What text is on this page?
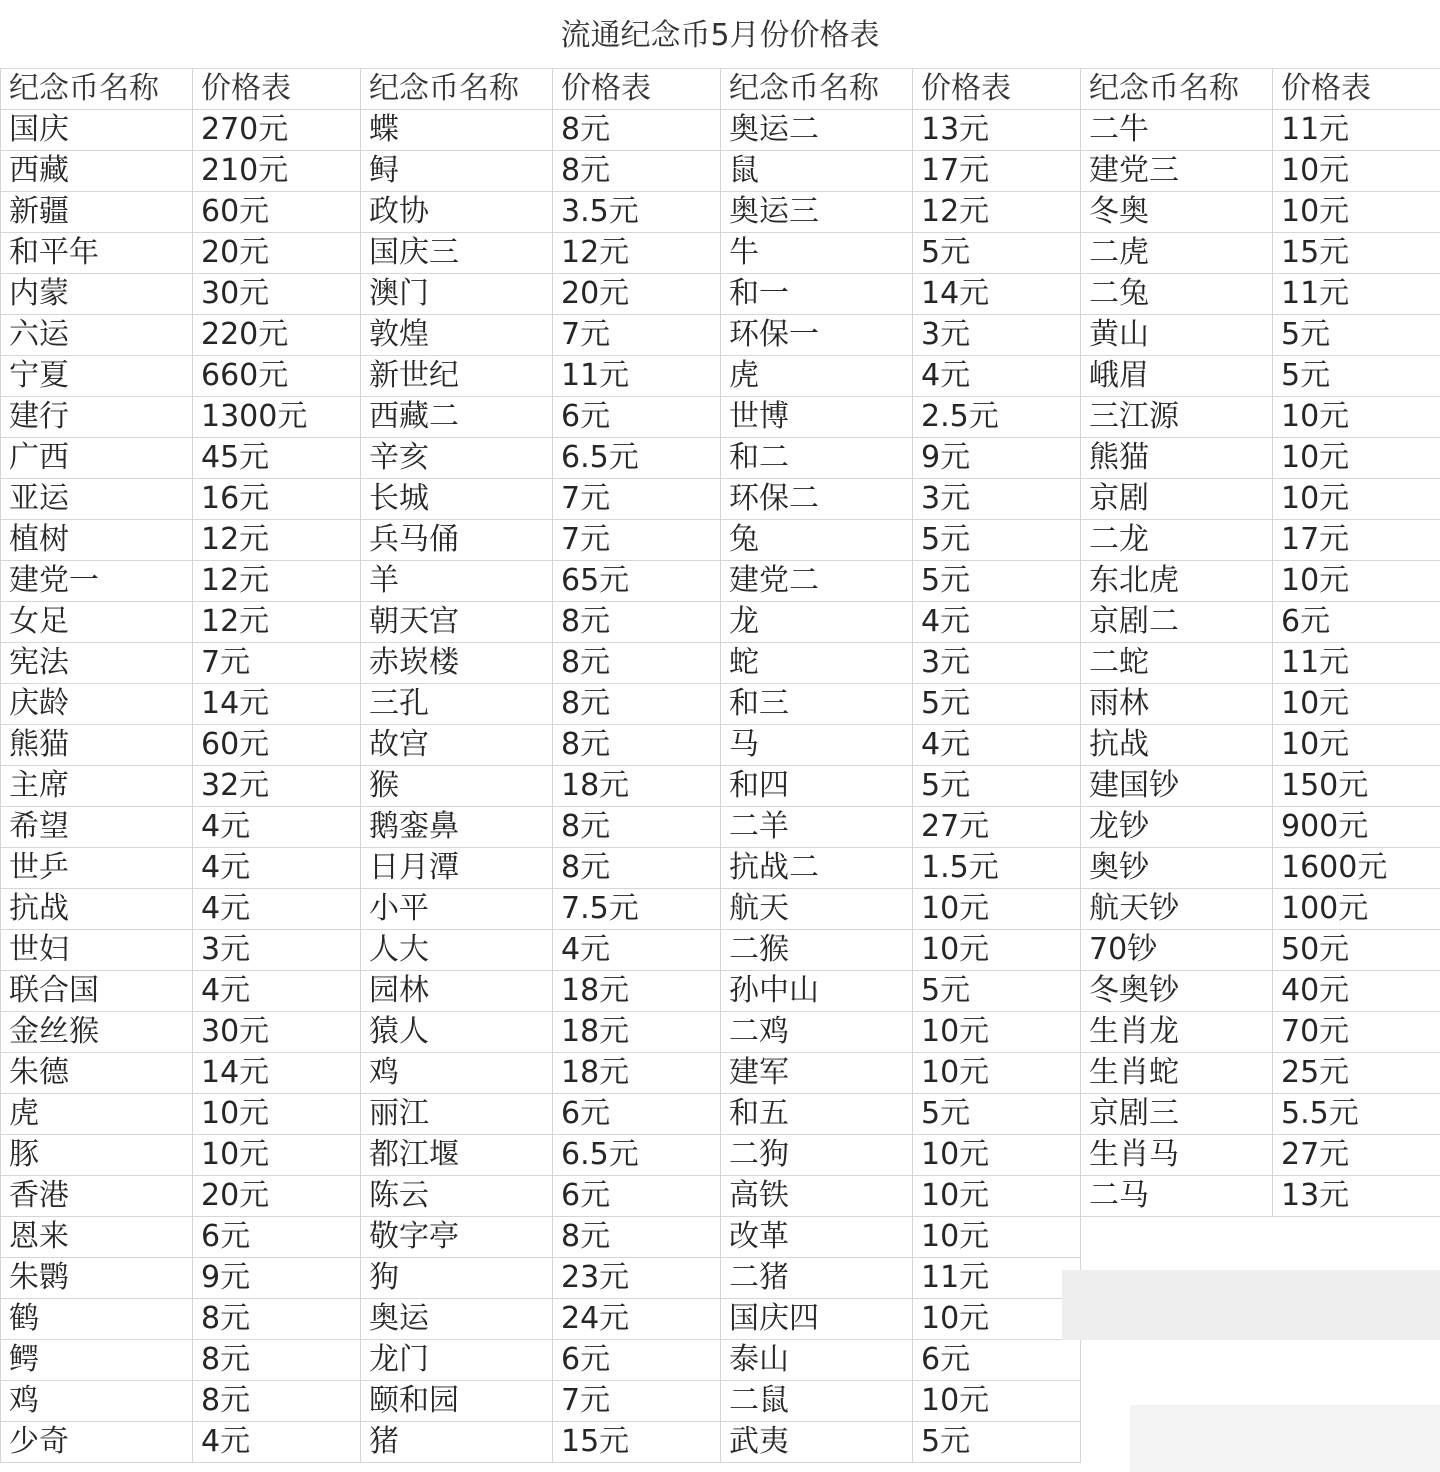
流通纪念币5月份价格表
纪念币名称	价格表	纪念币名称	价格表	纪念币名称	价格表	纪念币名称	价格表
国庆	270元	蝶	8元	奥运二	13元	二牛	11元
西藏	210元	鲟	8元	鼠	17元	建党三	10元
新疆	60元	政协	3.5元	奥运三	12元	冬奥	10元
和平年	20元	国庆三	12元	牛	5元	二虎	15元
内蒙	30元	澳门	20元	和一	14元	二兔	11元
六运	220元	敦煌	7元	环保一	3元	黄山	5元
宁夏	660元	新世纪	11元	虎	4元	峨眉	5元
建行	1300元	西藏二	6元	世博	2.5元	三江源	10元
广西	45元	辛亥	6.5元	和二	9元	熊猫	10元
亚运	16元	长城	7元	环保二	3元	京剧	10元
植树	12元	兵马俑	7元	兔	5元	二龙	17元
建党一	12元	羊	65元	建党二	5元	东北虎	10元
女足	12元	朝天宫	8元	龙	4元	京剧二	6元
宪法	7元	赤崁楼	8元	蛇	3元	二蛇	11元
庆龄	14元	三孔	8元	和三	5元	雨林	10元
熊猫	60元	故宫	8元	马	4元	抗战	10元
主席	32元	猴	18元	和四	5元	建国钞	150元
希望	4元	鹅銮鼻	8元	二羊	27元	龙钞	900元
世乒	4元	日月潭	8元	抗战二	1.5元	奥钞	1600元
抗战	4元	小平	7.5元	航天	10元	航天钞	100元
世妇	3元	人大	4元	二猴	10元	70钞	50元
联合国	4元	园林	18元	孙中山	5元	冬奥钞	40元
金丝猴	30元	猿人	18元	二鸡	10元	生肖龙	70元
朱德	14元	鸡	18元	建军	10元	生肖蛇	25元
虎	10元	丽江	6元	和五	5元	京剧三	5.5元
豚	10元	都江堰	6.5元	二狗	10元	生肖马	27元
香港	20元	陈云	6元	高铁	10元	二马	13元
恩来	6元	敬字亭	8元	改革	10元		
朱鹮	9元	狗	23元	二猪	11元		
鹤	8元	奥运	24元	国庆四	10元		
鳄	8元	龙门	6元	泰山	6元		
鸡	8元	颐和园	7元	二鼠	10元		
少奇	4元	猪	15元	武夷	5元		
